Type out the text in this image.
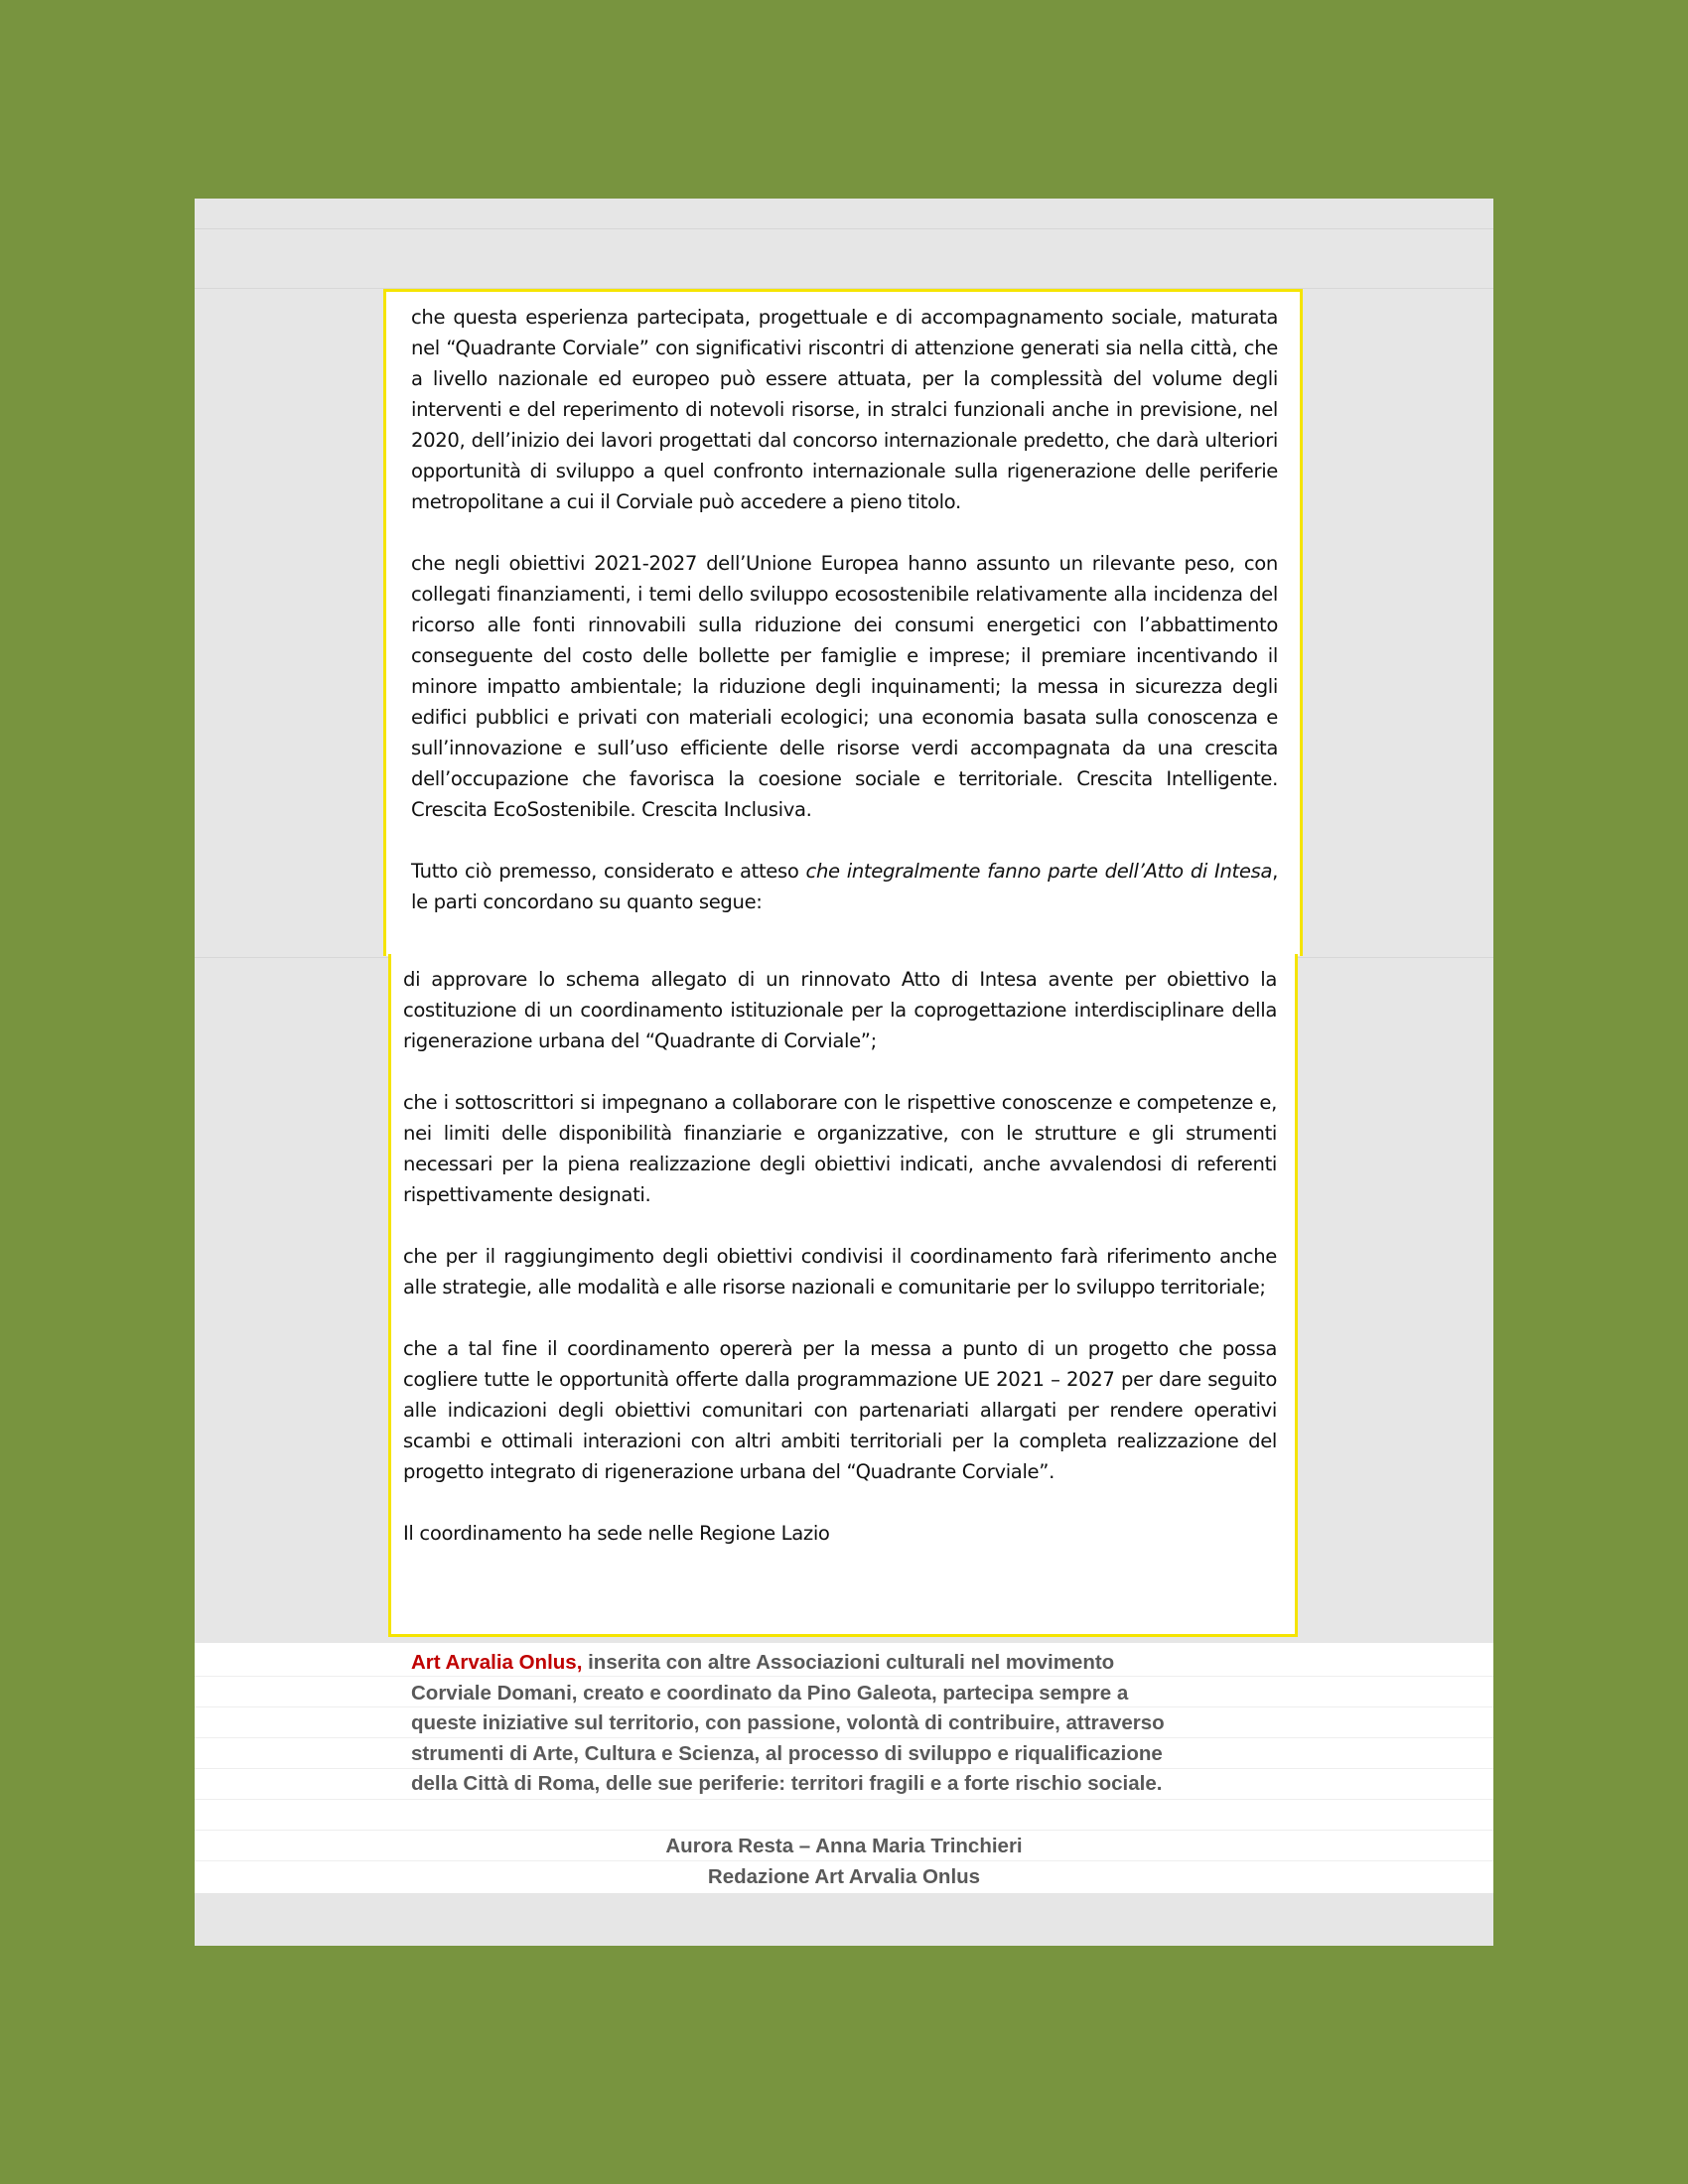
che questa esperienza partecipata, progettuale e di accompagnamento sociale, maturata nel “Quadrante Corviale” con significativi riscontri di attenzione generati sia nella città, che a livello nazionale ed europeo può essere attuata, per la complessità del volume degli interventi e del reperimento di notevoli risorse, in stralci funzionali anche in previsione, nel 2020, dell’inizio dei lavori progettati dal concorso internazionale predetto, che darà ulteriori opportunità di sviluppo a quel confronto internazionale sulla rigenerazione delle periferie metropolitane a cui il Corviale può accedere a pieno titolo.

che negli obiettivi 2021-2027 dell’Unione Europea hanno assunto un rilevante peso, con collegati finanziamenti, i temi dello sviluppo ecosostenibile relativamente alla incidenza del ricorso alle fonti rinnovabili sulla riduzione dei consumi energetici con l’abbattimento conseguente del costo delle bollette per famiglie e imprese; il premiare incentivando il minore impatto ambientale; la riduzione degli inquinamenti; la messa in sicurezza degli edifici pubblici e privati con materiali ecologici; una economia basata sulla conoscenza e sull’innovazione e sull’uso efficiente delle risorse verdi accompagnata da una crescita dell’occupazione che favorisca la coesione sociale e territoriale. Crescita Intelligente. Crescita EcoSostenibile. Crescita Inclusiva.

Tutto ciò premesso, considerato e atteso che integralmente fanno parte dell’Atto di Intesa, le parti concordano su quanto segue:

di approvare lo schema allegato di un rinnovato Atto di Intesa avente per obiettivo la costituzione di un coordinamento istituzionale per la coprogettazione interdisciplinare della rigenerazione urbana del “Quadrante di Corviale”;

che i sottoscrittori si impegnano a collaborare con le rispettive conoscenze e competenze e, nei limiti delle disponibilità finanziarie e organizzative, con le strutture e gli strumenti necessari per la piena realizzazione degli obiettivi indicati, anche avvalendosi di referenti rispettivamente designati.

che per il raggiungimento degli obiettivi condivisi il coordinamento farà riferimento anche alle strategie, alle modalità e alle risorse nazionali e comunitarie per lo sviluppo territoriale;

che a tal fine il coordinamento opererà per la messa a punto di un progetto che possa cogliere tutte le opportunità offerte dalla programmazione UE 2021 – 2027 per dare seguito alle indicazioni degli obiettivi comunitari con partenariati allargati per rendere operativi scambi e ottimali interazioni con altri ambiti territoriali per la completa realizzazione del progetto integrato di rigenerazione urbana del “Quadrante Corviale”.

Il coordinamento ha sede nelle Regione Lazio

Art Arvalia Onlus, inserita con altre Associazioni culturali nel movimento
Corviale Domani, creato e coordinato da Pino Galeota, partecipa sempre a
queste iniziative sul territorio, con passione, volontà di contribuire, attraverso
strumenti di Arte, Cultura e Scienza, al processo di sviluppo e riqualificazione
della Città di Roma, delle sue periferie: territori fragili e a forte rischio sociale.
Aurora Resta – Anna Maria Trinchieri
Redazione Art Arvalia Onlus
